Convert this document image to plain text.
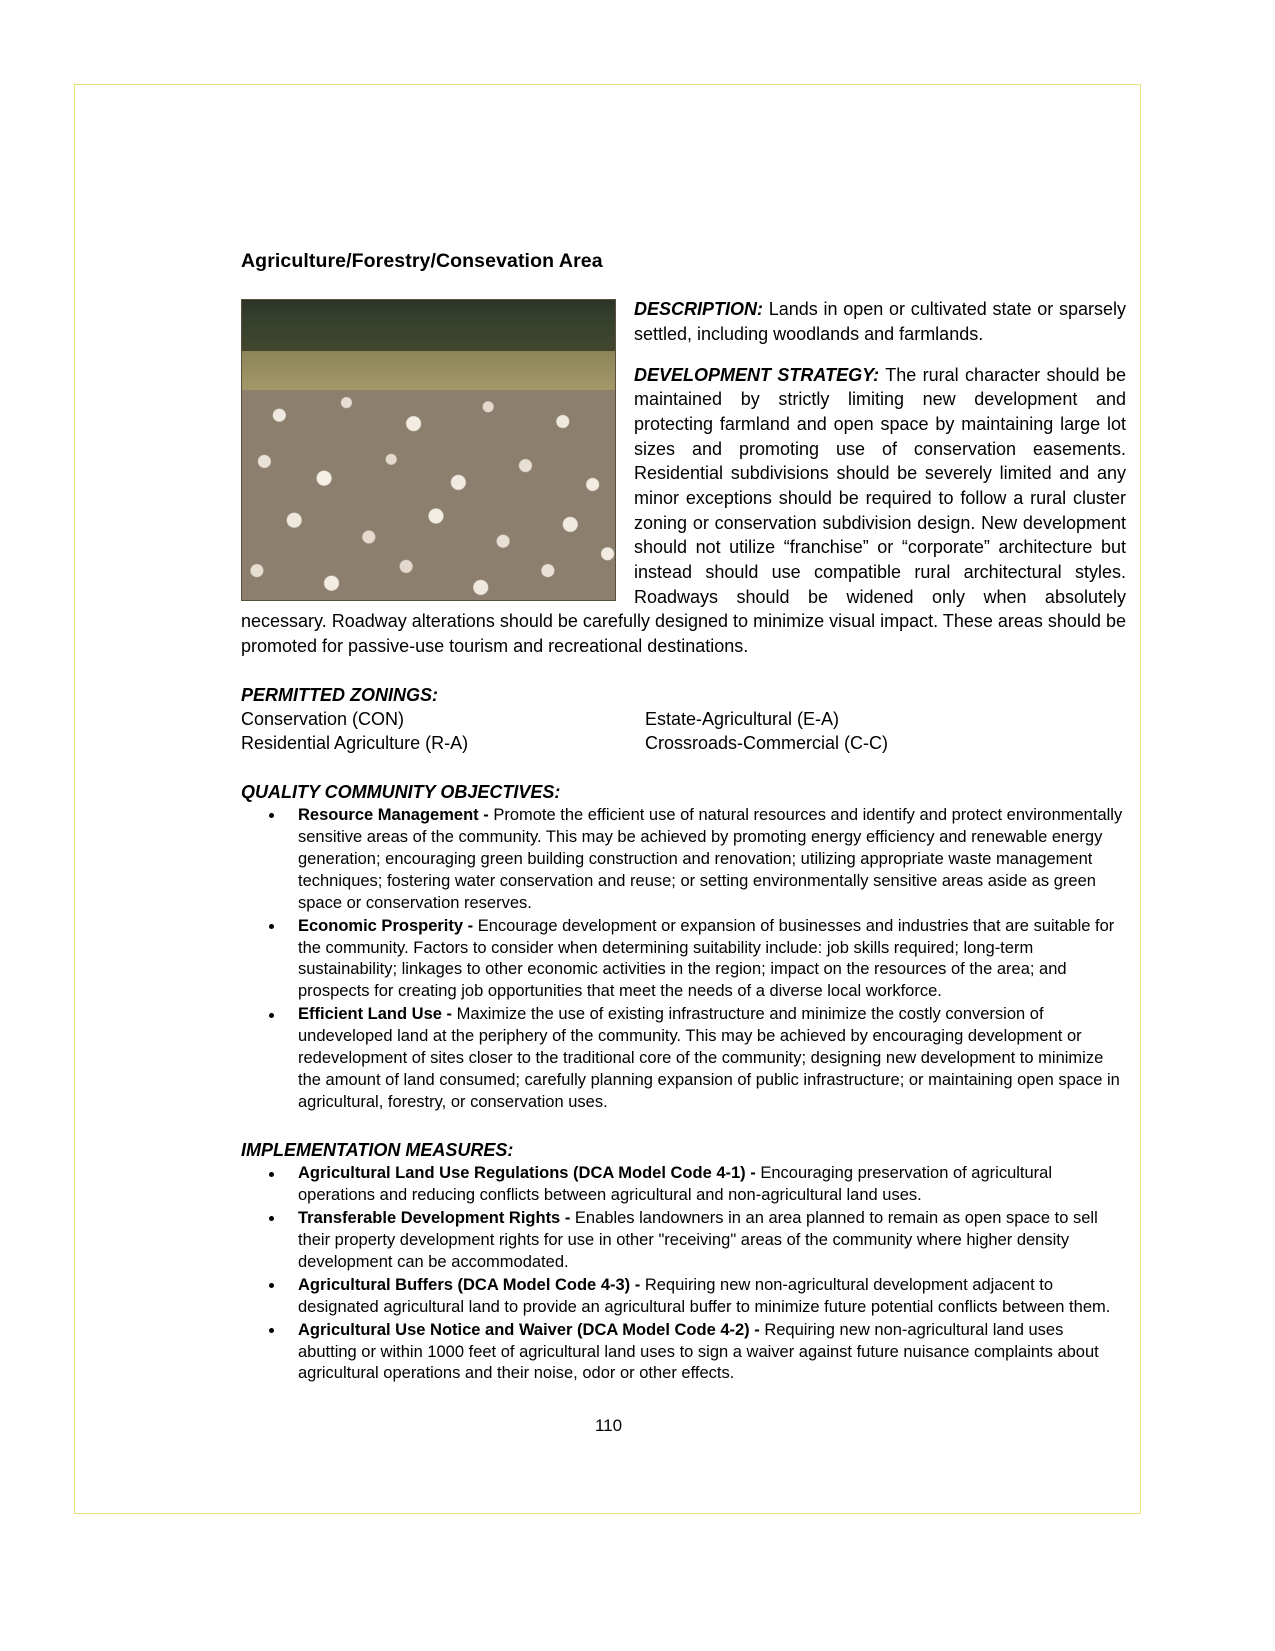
Agriculture/Forestry/Consevation Area

DESCRIPTION: Lands in open or cultivated state or sparsely settled, including woodlands and farmlands.

DEVELOPMENT STRATEGY: The rural character should be maintained by strictly limiting new development and protecting farmland and open space by maintaining large lot sizes and promoting use of conservation easements. Residential subdivisions should be severely limited and any minor exceptions should be required to follow a rural cluster zoning or conservation subdivision design. New development should not utilize “franchise” or “corporate” architecture but instead should use compatible rural architectural styles. Roadways should be widened only when absolutely necessary. Roadway alterations should be carefully designed to minimize visual impact. These areas should be promoted for passive-use tourism and recreational destinations.

PERMITTED ZONINGS:
Conservation (CON)	Estate-Agricultural (E-A)
Residential Agriculture (R-A)	Crossroads-Commercial (C-C)
QUALITY COMMUNITY OBJECTIVES:
Resource Management - Promote the efficient use of natural resources and identify and protect environmentally sensitive areas of the community. This may be achieved by promoting energy efficiency and renewable energy generation; encouraging green building construction and renovation; utilizing appropriate waste management techniques; fostering water conservation and reuse; or setting environmentally sensitive areas aside as green space or conservation reserves.
Economic Prosperity - Encourage development or expansion of businesses and industries that are suitable for the community. Factors to consider when determining suitability include: job skills required; long-term sustainability; linkages to other economic activities in the region; impact on the resources of the area; and prospects for creating job opportunities that meet the needs of a diverse local workforce.
Efficient Land Use - Maximize the use of existing infrastructure and minimize the costly conversion of undeveloped land at the periphery of the community. This may be achieved by encouraging development or redevelopment of sites closer to the traditional core of the community; designing new development to minimize the amount of land consumed; carefully planning expansion of public infrastructure; or maintaining open space in agricultural, forestry, or conservation uses.
IMPLEMENTATION MEASURES:
Agricultural Land Use Regulations (DCA Model Code 4-1) - Encouraging preservation of agricultural operations and reducing conflicts between agricultural and non-agricultural land uses.
Transferable Development Rights - Enables landowners in an area planned to remain as open space to sell their property development rights for use in other "receiving" areas of the community where higher density development can be accommodated.
Agricultural Buffers (DCA Model Code 4-3) - Requiring new non-agricultural development adjacent to designated agricultural land to provide an agricultural buffer to minimize future potential conflicts between them.
Agricultural Use Notice and Waiver (DCA Model Code 4-2) - Requiring new non-agricultural land uses abutting or within 1000 feet of agricultural land uses to sign a waiver against future nuisance complaints about agricultural operations and their noise, odor or other effects.
110
